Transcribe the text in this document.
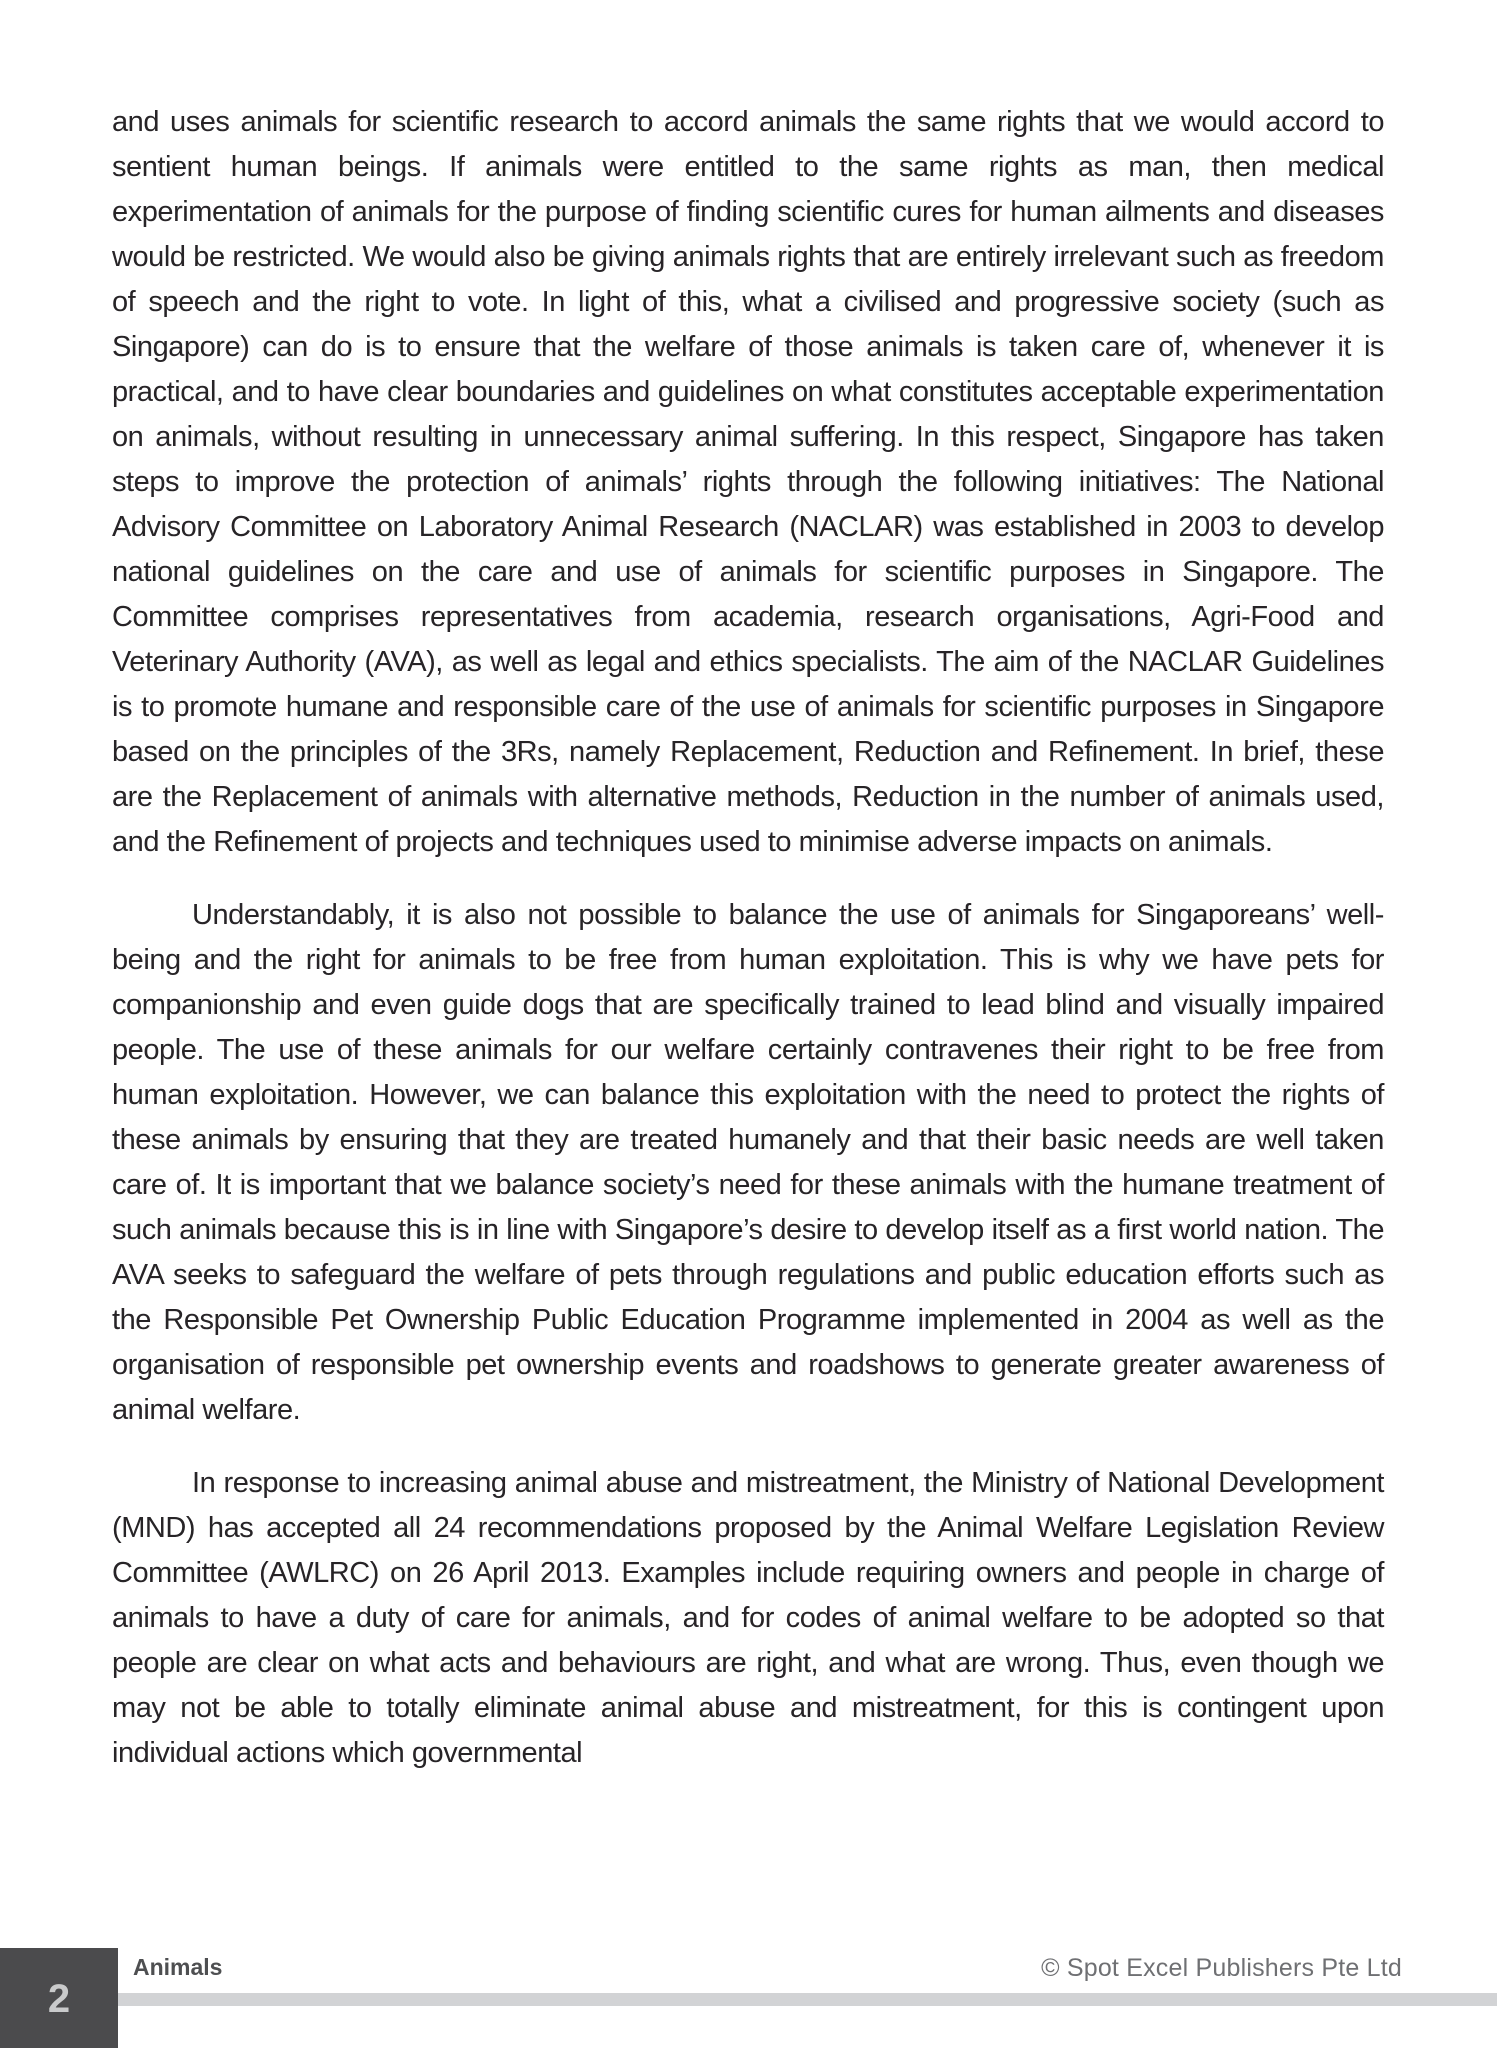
and uses animals for scientific research to accord animals the same rights that we would accord to sentient human beings. If animals were entitled to the same rights as man, then medical experimentation of animals for the purpose of finding scientific cures for human ailments and diseases would be restricted. We would also be giving animals rights that are entirely irrelevant such as freedom of speech and the right to vote. In light of this, what a civilised and progressive society (such as Singapore) can do is to ensure that the welfare of those animals is taken care of, whenever it is practical, and to have clear boundaries and guidelines on what constitutes acceptable experimentation on animals, without resulting in unnecessary animal suffering. In this respect, Singapore has taken steps to improve the protection of animals’ rights through the following initiatives: The National Advisory Committee on Laboratory Animal Research (NACLAR) was established in 2003 to develop national guidelines on the care and use of animals for scientific purposes in Singapore. The Committee comprises representatives from academia, research organisations, Agri-Food and Veterinary Authority (AVA), as well as legal and ethics specialists. The aim of the NACLAR Guidelines is to promote humane and responsible care of the use of animals for scientific purposes in Singapore based on the principles of the 3Rs, namely Replacement, Reduction and Refinement. In brief, these are the Replacement of animals with alternative methods, Reduction in the number of animals used, and the Refinement of projects and techniques used to minimise adverse impacts on animals.

Understandably, it is also not possible to balance the use of animals for Singaporeans’ well-being and the right for animals to be free from human exploitation. This is why we have pets for companionship and even guide dogs that are specifically trained to lead blind and visually impaired people. The use of these animals for our welfare certainly contravenes their right to be free from human exploitation. However, we can balance this exploitation with the need to protect the rights of these animals by ensuring that they are treated humanely and that their basic needs are well taken care of. It is important that we balance society’s need for these animals with the humane treatment of such animals because this is in line with Singapore’s desire to develop itself as a first world nation. The AVA seeks to safeguard the welfare of pets through regulations and public education efforts such as the Responsible Pet Ownership Public Education Programme implemented in 2004 as well as the organisation of responsible pet ownership events and roadshows to generate greater awareness of animal welfare.

In response to increasing animal abuse and mistreatment, the Ministry of National Development (MND) has accepted all 24 recommendations proposed by the Animal Welfare Legislation Review Committee (AWLRC) on 26 April 2013. Examples include requiring owners and people in charge of animals to have a duty of care for animals, and for codes of animal welfare to be adopted so that people are clear on what acts and behaviours are right, and what are wrong. Thus, even though we may not be able to totally eliminate animal abuse and mistreatment, for this is contingent upon individual actions which governmental

Animals	© Spot Excel Publishers Pte Ltd
2
